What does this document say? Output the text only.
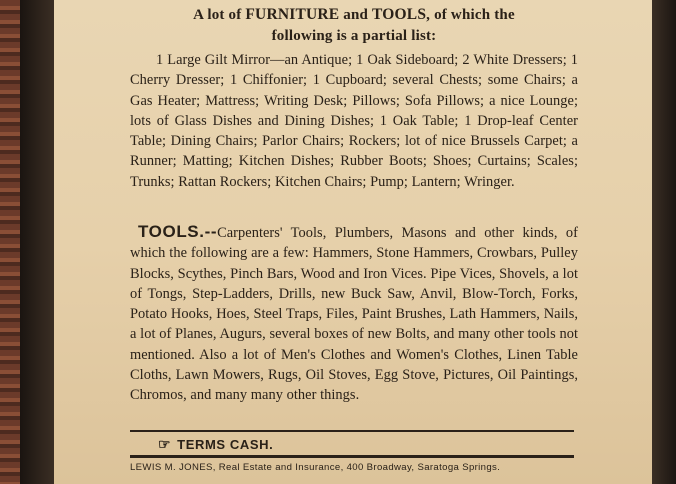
A lot of FURNITURE and TOOLS, of which the
following is a partial list:
1 Large Gilt Mirror—an Antique; 1 Oak Sideboard; 2 White Dressers; 1 Cherry Dresser; 1 Chiffonier; 1 Cupboard; several Chests; some Chairs; a Gas Heater; Mattress; Writing Desk; Pillows; Sofa Pillows; a nice Lounge; lots of Glass Dishes and Dining Dishes; 1 Oak Table; 1 Drop-leaf Center Table; Dining Chairs; Parlor Chairs; Rockers; lot of nice Brussels Carpet; a Runner; Matting; Kitchen Dishes; Rubber Boots; Shoes; Curtains; Scales; Trunks; Rattan Rockers; Kitchen Chairs; Pump; Lantern; Wringer.
TOOLS.--Carpenters' Tools, Plumbers, Masons and other kinds, of which the following are a few: Hammers, Stone Hammers, Crowbars, Pulley Blocks, Scythes, Pinch Bars, Wood and Iron Vices. Pipe Vices, Shovels, a lot of Tongs, Step-Ladders, Drills, new Buck Saw, Anvil, Blow-Torch, Forks, Potato Hooks, Hoes, Steel Traps, Files, Paint Brushes, Lath Hammers, Nails, a lot of Planes, Augurs, several boxes of new Bolts, and many other tools not mentioned. Also a lot of Men's Clothes and Women's Clothes, Linen Table Cloths, Lawn Mowers, Rugs, Oil Stoves, Egg Stove, Pictures, Oil Paintings, Chromos, and many many other things.
☞ TERMS CASH.
LEWIS M. JONES, Real Estate and Insurance, 400 Broadway, Saratoga Springs.
